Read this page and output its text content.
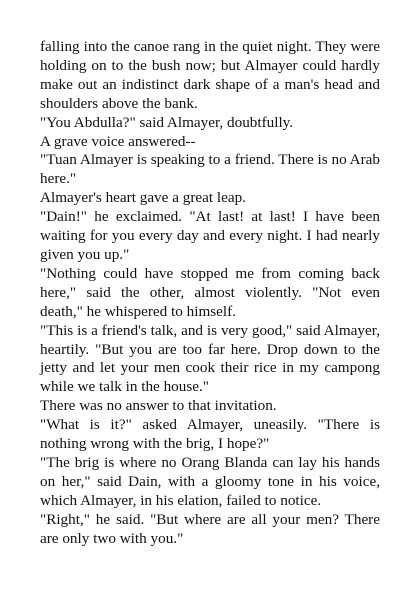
falling into the canoe rang in the quiet night. They were holding on to the bush now; but Almayer could hardly make out an indistinct dark shape of a man's head and shoulders above the bank.

"You Abdulla?" said Almayer, doubtfully.

A grave voice answered--

"Tuan Almayer is speaking to a friend. There is no Arab here."

Almayer's heart gave a great leap.

"Dain!" he exclaimed. "At last! at last! I have been waiting for you every day and every night. I had nearly given you up."

"Nothing could have stopped me from coming back here," said the other, almost violently. "Not even death," he whispered to himself.

"This is a friend's talk, and is very good," said Almayer, heartily. "But you are too far here. Drop down to the jetty and let your men cook their rice in my campong while we talk in the house."

There was no answer to that invitation.

"What is it?" asked Almayer, uneasily. "There is nothing wrong with the brig, I hope?"

"The brig is where no Orang Blanda can lay his hands on her," said Dain, with a gloomy tone in his voice, which Almayer, in his elation, failed to notice.

"Right," he said. "But where are all your men? There are only two with you."
